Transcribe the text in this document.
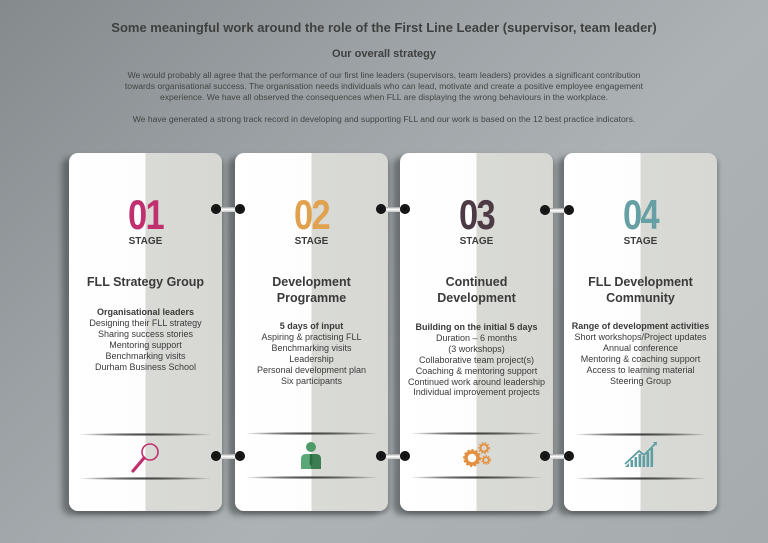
Some meaningful work around the role of the First Line Leader (supervisor, team leader)
Our overall strategy
We would probably all agree that the performance of our first line leaders (supervisors, team leaders) provides a significant contribution
towards organisational success. The organisation needs individuals who can lead, motivate and create a positive employee engagement
experience. We have all observed the consequences when FLL are displaying the wrong behaviours in the workplace.
We have generated a strong track record in developing and supporting FLL and our work is based on the 12 best practice indicators.
01
STAGE
FLL Strategy Group
Organisational leaders
Designing their FLL strategy
Sharing success stories
Mentoring support
Benchmarking visits
Durham Business School
02
STAGE
Development
Programme
5 days of input
Aspiring & practising FLL
Benchmarking visits
Leadership
Personal development plan
Six participants
03
STAGE
Continued
Development
Building on the initial 5 days
Duration – 6 months
(3 workshops)
Collaborative team project(s)
Coaching & mentoring support
Continued work around leadership
Individual improvement projects
04
STAGE
FLL Development
Community
Range of development activities
Short workshops/Project updates
Annual conference
Mentoring & coaching support
Access to learning material
Steering Group
